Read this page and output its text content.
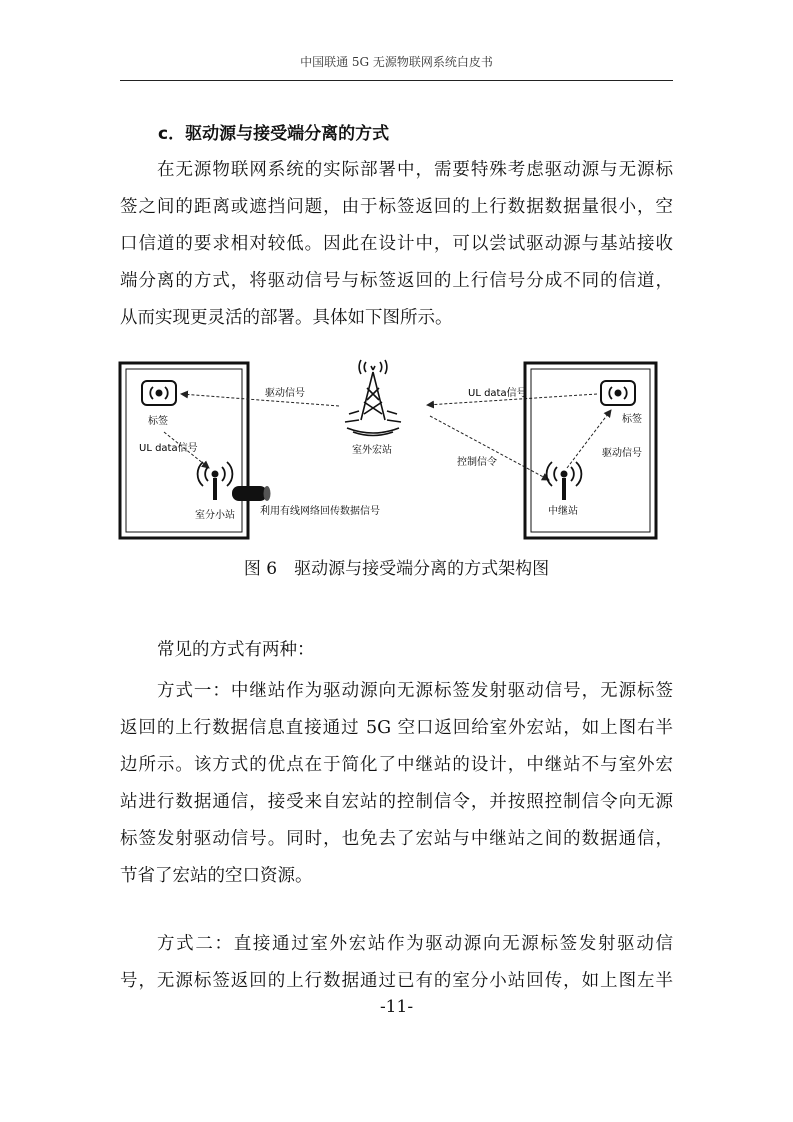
中国联通 5G 无源物联网系统白皮书
c．驱动源与接受端分离的方式
在无源物联网系统的实际部署中，需要特殊考虑驱动源与无源标
签之间的距离或遮挡问题，由于标签返回的上行数据数据量很小，空
口信道的要求相对较低。因此在设计中，可以尝试驱动源与基站接收
端分离的方式，将驱动信号与标签返回的上行信号分成不同的信道，
从而实现更灵活的部署。具体如下图所示。
标签
UL data信号
室分小站	利用有线网络回传数据信号
驱动信号
室外宏站
UL data信号
控制信令
标签
驱动信号
中继站
图 6　驱动源与接受端分离的方式架构图
常见的方式有两种：
方式一：中继站作为驱动源向无源标签发射驱动信号，无源标签
返回的上行数据信息直接通过 5G 空口返回给室外宏站，如上图右半
边所示。该方式的优点在于简化了中继站的设计，中继站不与室外宏
站进行数据通信，接受来自宏站的控制信令，并按照控制信令向无源
标签发射驱动信号。同时，也免去了宏站与中继站之间的数据通信，
节省了宏站的空口资源。
方式二：直接通过室外宏站作为驱动源向无源标签发射驱动信
号，无源标签返回的上行数据通过已有的室分小站回传，如上图左半
-11-
